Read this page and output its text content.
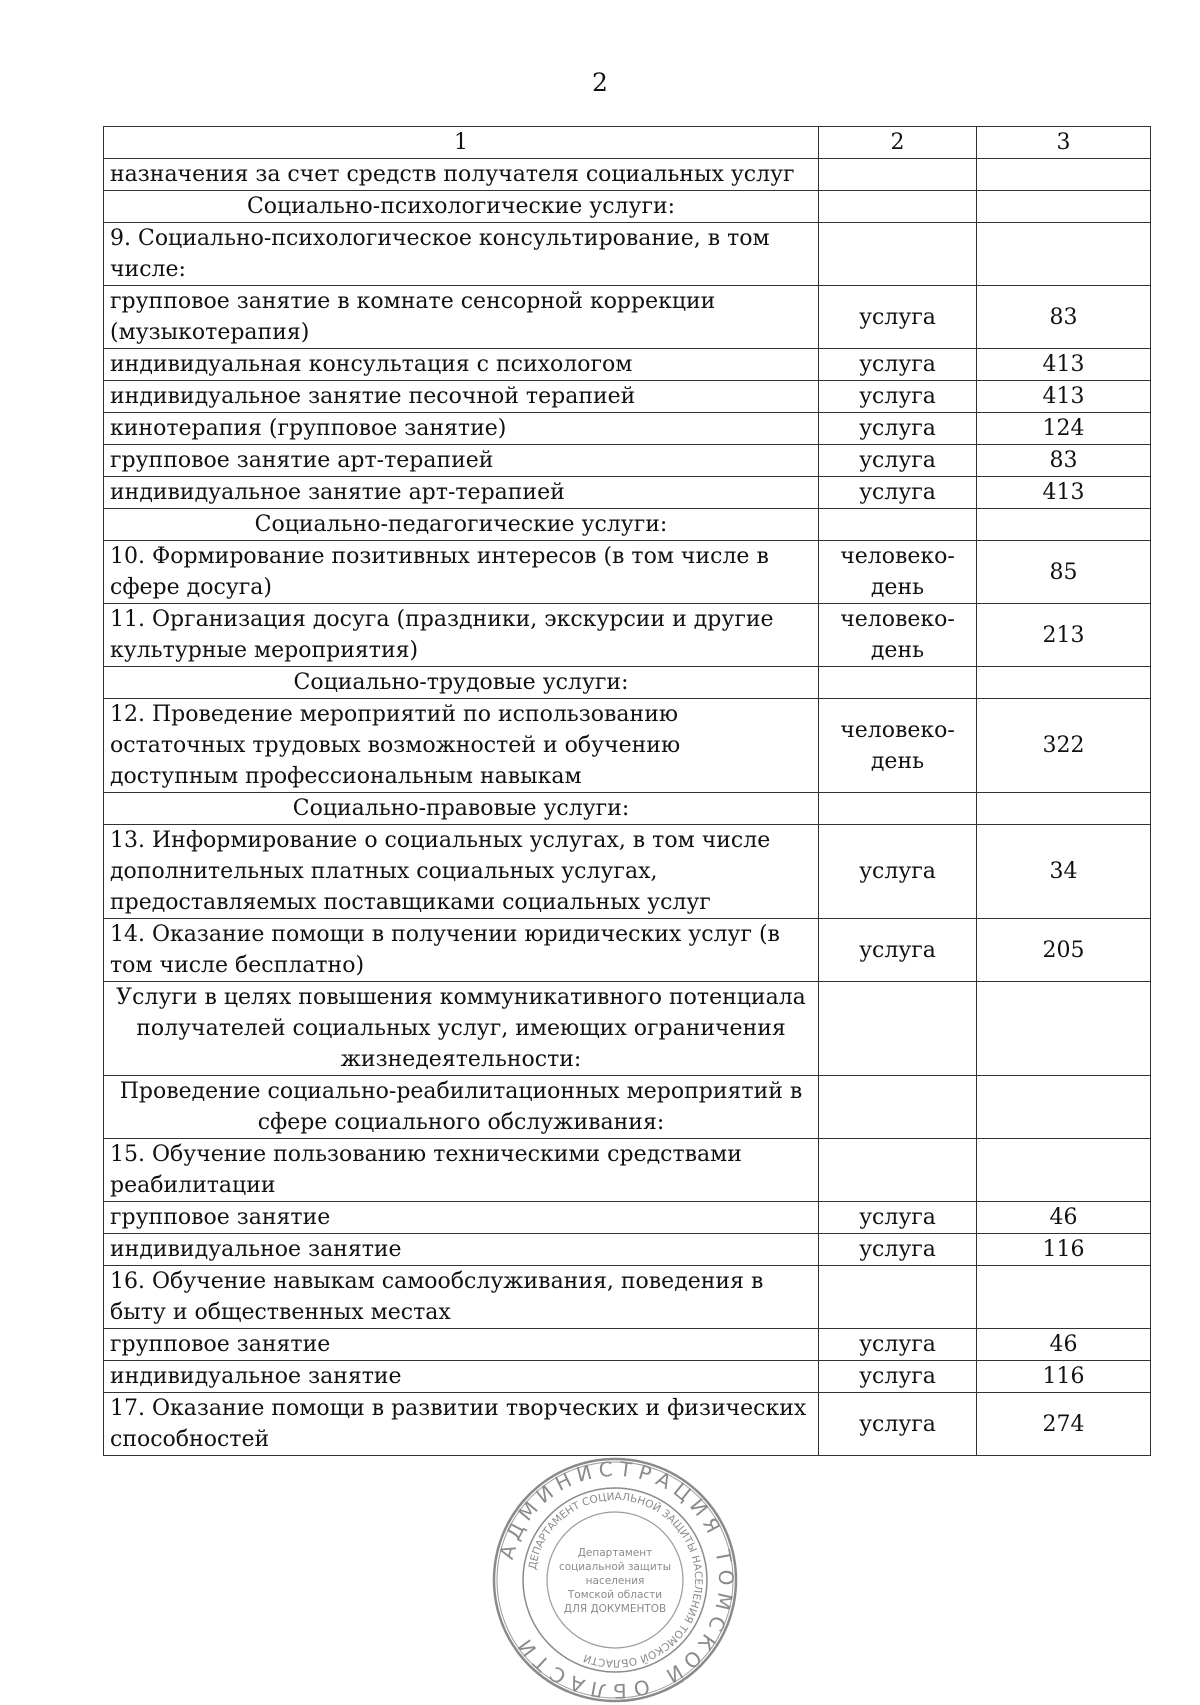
2
1	2	3
назначения за счет средств получателя социальных услуг		
Социально-психологические услуги:		
9. Социально-психологическое консультирование, в том числе:		
групповое занятие в комнате сенсорной коррекции (музыкотерапия)	услуга	83
индивидуальная консультация с психологом	услуга	413
индивидуальное занятие песочной терапией	услуга	413
кинотерапия (групповое занятие)	услуга	124
групповое занятие арт-терапией	услуга	83
индивидуальное занятие арт-терапией	услуга	413
Социально-педагогические услуги:		
10. Формирование позитивных интересов (в том числе в сфере досуга)	человеко-день	85
11. Организация досуга (праздники, экскурсии и другие культурные мероприятия)	человеко-день	213
Социально-трудовые услуги:		
12. Проведение мероприятий по использованию остаточных трудовых возможностей и обучению доступным профессиональным навыкам	человеко-день	322
Социально-правовые услуги:		
13. Информирование о социальных услугах, в том числе дополнительных платных социальных услугах, предоставляемых поставщиками социальных услуг	услуга	34
14. Оказание помощи в получении юридических услуг (в том числе бесплатно)	услуга	205
Услуги в целях повышения коммуникативного потенциала получателей социальных услуг, имеющих ограничения жизнедеятельности:		
Проведение социально-реабилитационных мероприятий в сфере социального обслуживания:		
15. Обучение пользованию техническими средствами реабилитации		
групповое занятие	услуга	46
индивидуальное занятие	услуга	116
16. Обучение навыкам самообслуживания, поведения в быту и общественных местах		
групповое занятие	услуга	46
индивидуальное занятие	услуга	116
17. Оказание помощи в развитии творческих и физических способностей	услуга	274
АДМИНИСТРАЦИЯ ТОМСКОЙ ОБЛАСТИ
ДЕПАРТАМЕНТ СОЦИАЛЬНОЙ ЗАЩИТЫ НАСЕЛЕНИЯ ТОМСКОЙ ОБЛАСТИ
Департамент
социальной защиты
населения
Томской области
ДЛЯ ДОКУМЕНТОВ
